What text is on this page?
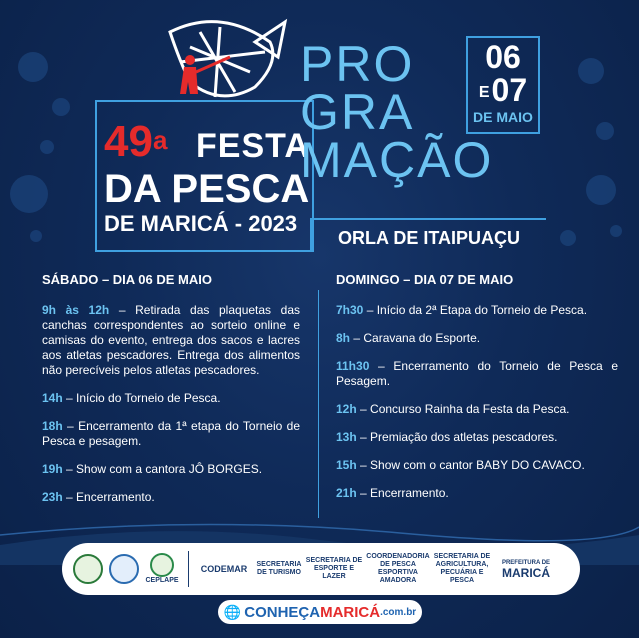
49$^a$ FESTA
DA PESCA
DE MARICÁ - 2023
PRO
GRA
MAÇÃO
06
E07
DE MAIO
ORLA DE ITAIPUAÇU
SÁBADO – DIA 06 DE MAIO
9h às 12h – Retirada das plaquetas das canchas correspondentes ao sorteio online e camisas do evento, entrega dos sacos e lacres aos atletas pescadores. Entrega dos alimentos não perecíveis pelos atletas pescadores.
14h – Início do Torneio de Pesca.
18h – Encerramento da 1ª etapa do Torneio de Pesca e pesagem.
19h – Show com a cantora JÔ BORGES.
23h – Encerramento.
DOMINGO – DIA 07 DE MAIO
7h30 – Início da 2ª Etapa do Torneio de Pesca.
8h – Caravana do Esporte.
11h30 – Encerramento do Torneio de Pesca e Pesagem.
12h – Concurso Rainha da Festa da Pesca.
13h – Premiação dos atletas pescadores.
15h – Show com o cantor BABY DO CAVACO.
21h – Encerramento.
CEPLAPE
CODEMAR	SECRETARIA DE TURISMO
SECRETARIA DE ESPORTE E LAZER
COORDENADORIA DE PESCA ESPORTIVA AMADORA
SECRETARIA DE AGRICULTURA, PECUÁRIA E PESCA
PREFEITURA DE
MARICÁ
🌐 CONHEÇA MARICÁ .com.br
